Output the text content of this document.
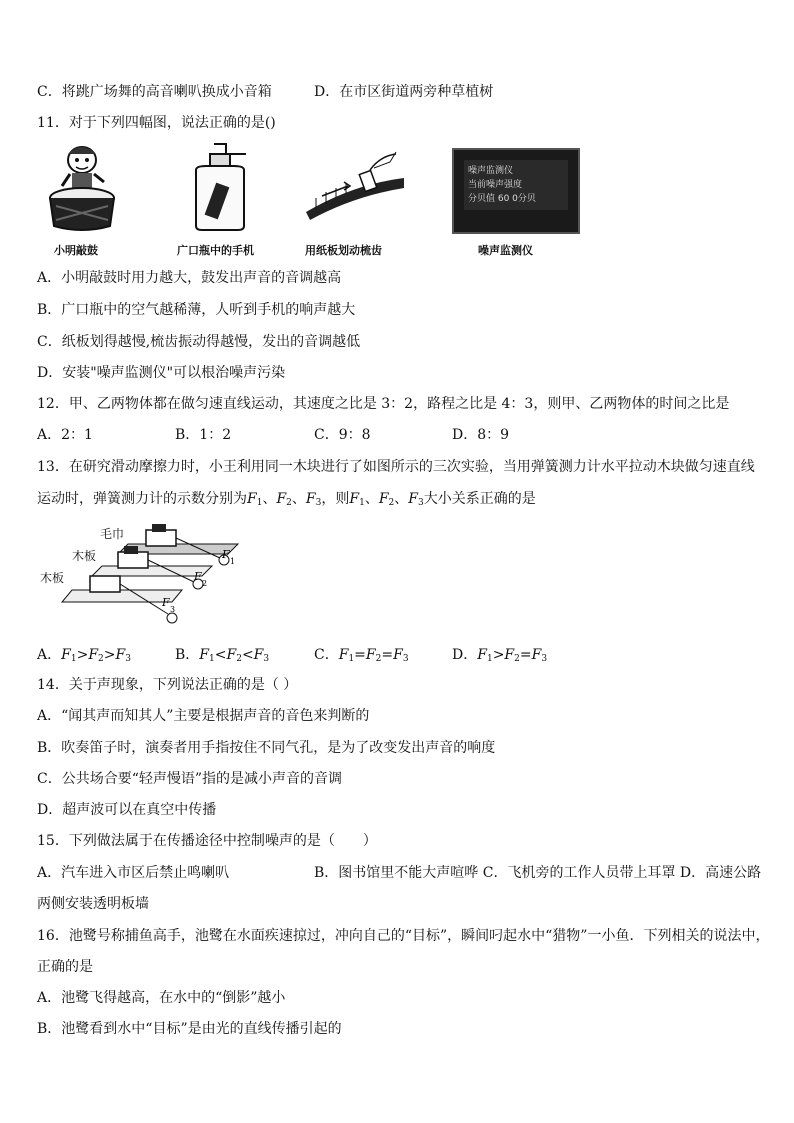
C．将跳广场舞的高音喇叭换成小音箱	D．在市区街道两旁种草植树
11．对于下列四幅图，说法正确的是()
小明敲鼓	广口瓶中的手机	用纸板划动梳齿
噪声监测仪
当前噪声强度
分贝值 60 0分贝
噪声监测仪
A．小明敲鼓时用力越大，鼓发出声音的音调越高
B．广口瓶中的空气越稀薄，人听到手机的响声越大
C．纸板划得越慢,梳齿振动得越慢，发出的音调越低
D．安装"噪声监测仪"可以根治噪声污染
12．甲、乙两物体都在做匀速直线运动，其速度之比是 3：2，路程之比是 4：3，则甲、乙两物体的时间之比是
A．2：1	B．1：2	C．9：8	D．8：9
13．在研究滑动摩擦力时，小王利用同一木块进行了如图所示的三次实验，当用弹簧测力计水平拉动木块做匀速直线
运动时，弹簧测力计的示数分别为$F_1$、$F_2$、$F_3$，则$F_1$、$F_2$、$F_3$大小关系正确的是
毛巾
木板
木板
F
1
F
2
F
3
A．$F_1>F_2>F_3$	B．$F_1<F_2<F_3$	C．$F_1=F_2=F_3$	D．$F_1>F_2=F_3$
14．关于声现象，下列说法正确的是（ ）
A．“闻其声而知其人”主要是根据声音的音色来判断的
B．吹奏笛子时，演奏者用手指按住不同气孔，是为了改变发出声音的响度
C．公共场合要“轻声慢语”指的是减小声音的音调
D．超声波可以在真空中传播
15．下列做法属于在传播途径中控制噪声的是（　　）
A．汽车进入市区后禁止鸣喇叭	B．图书馆里不能大声喧哗 C．飞机旁的工作人员带上耳罩 D．高速公路
两侧安装透明板墙
16．池鹭号称捕鱼高手，池鹭在水面疾速掠过，冲向自己的“目标”，瞬间叼起水中“猎物”一小鱼．下列相关的说法中，
正确的是
A．池鹭飞得越高，在水中的“倒影”越小
B．池鹭看到水中“目标”是由光的直线传播引起的
